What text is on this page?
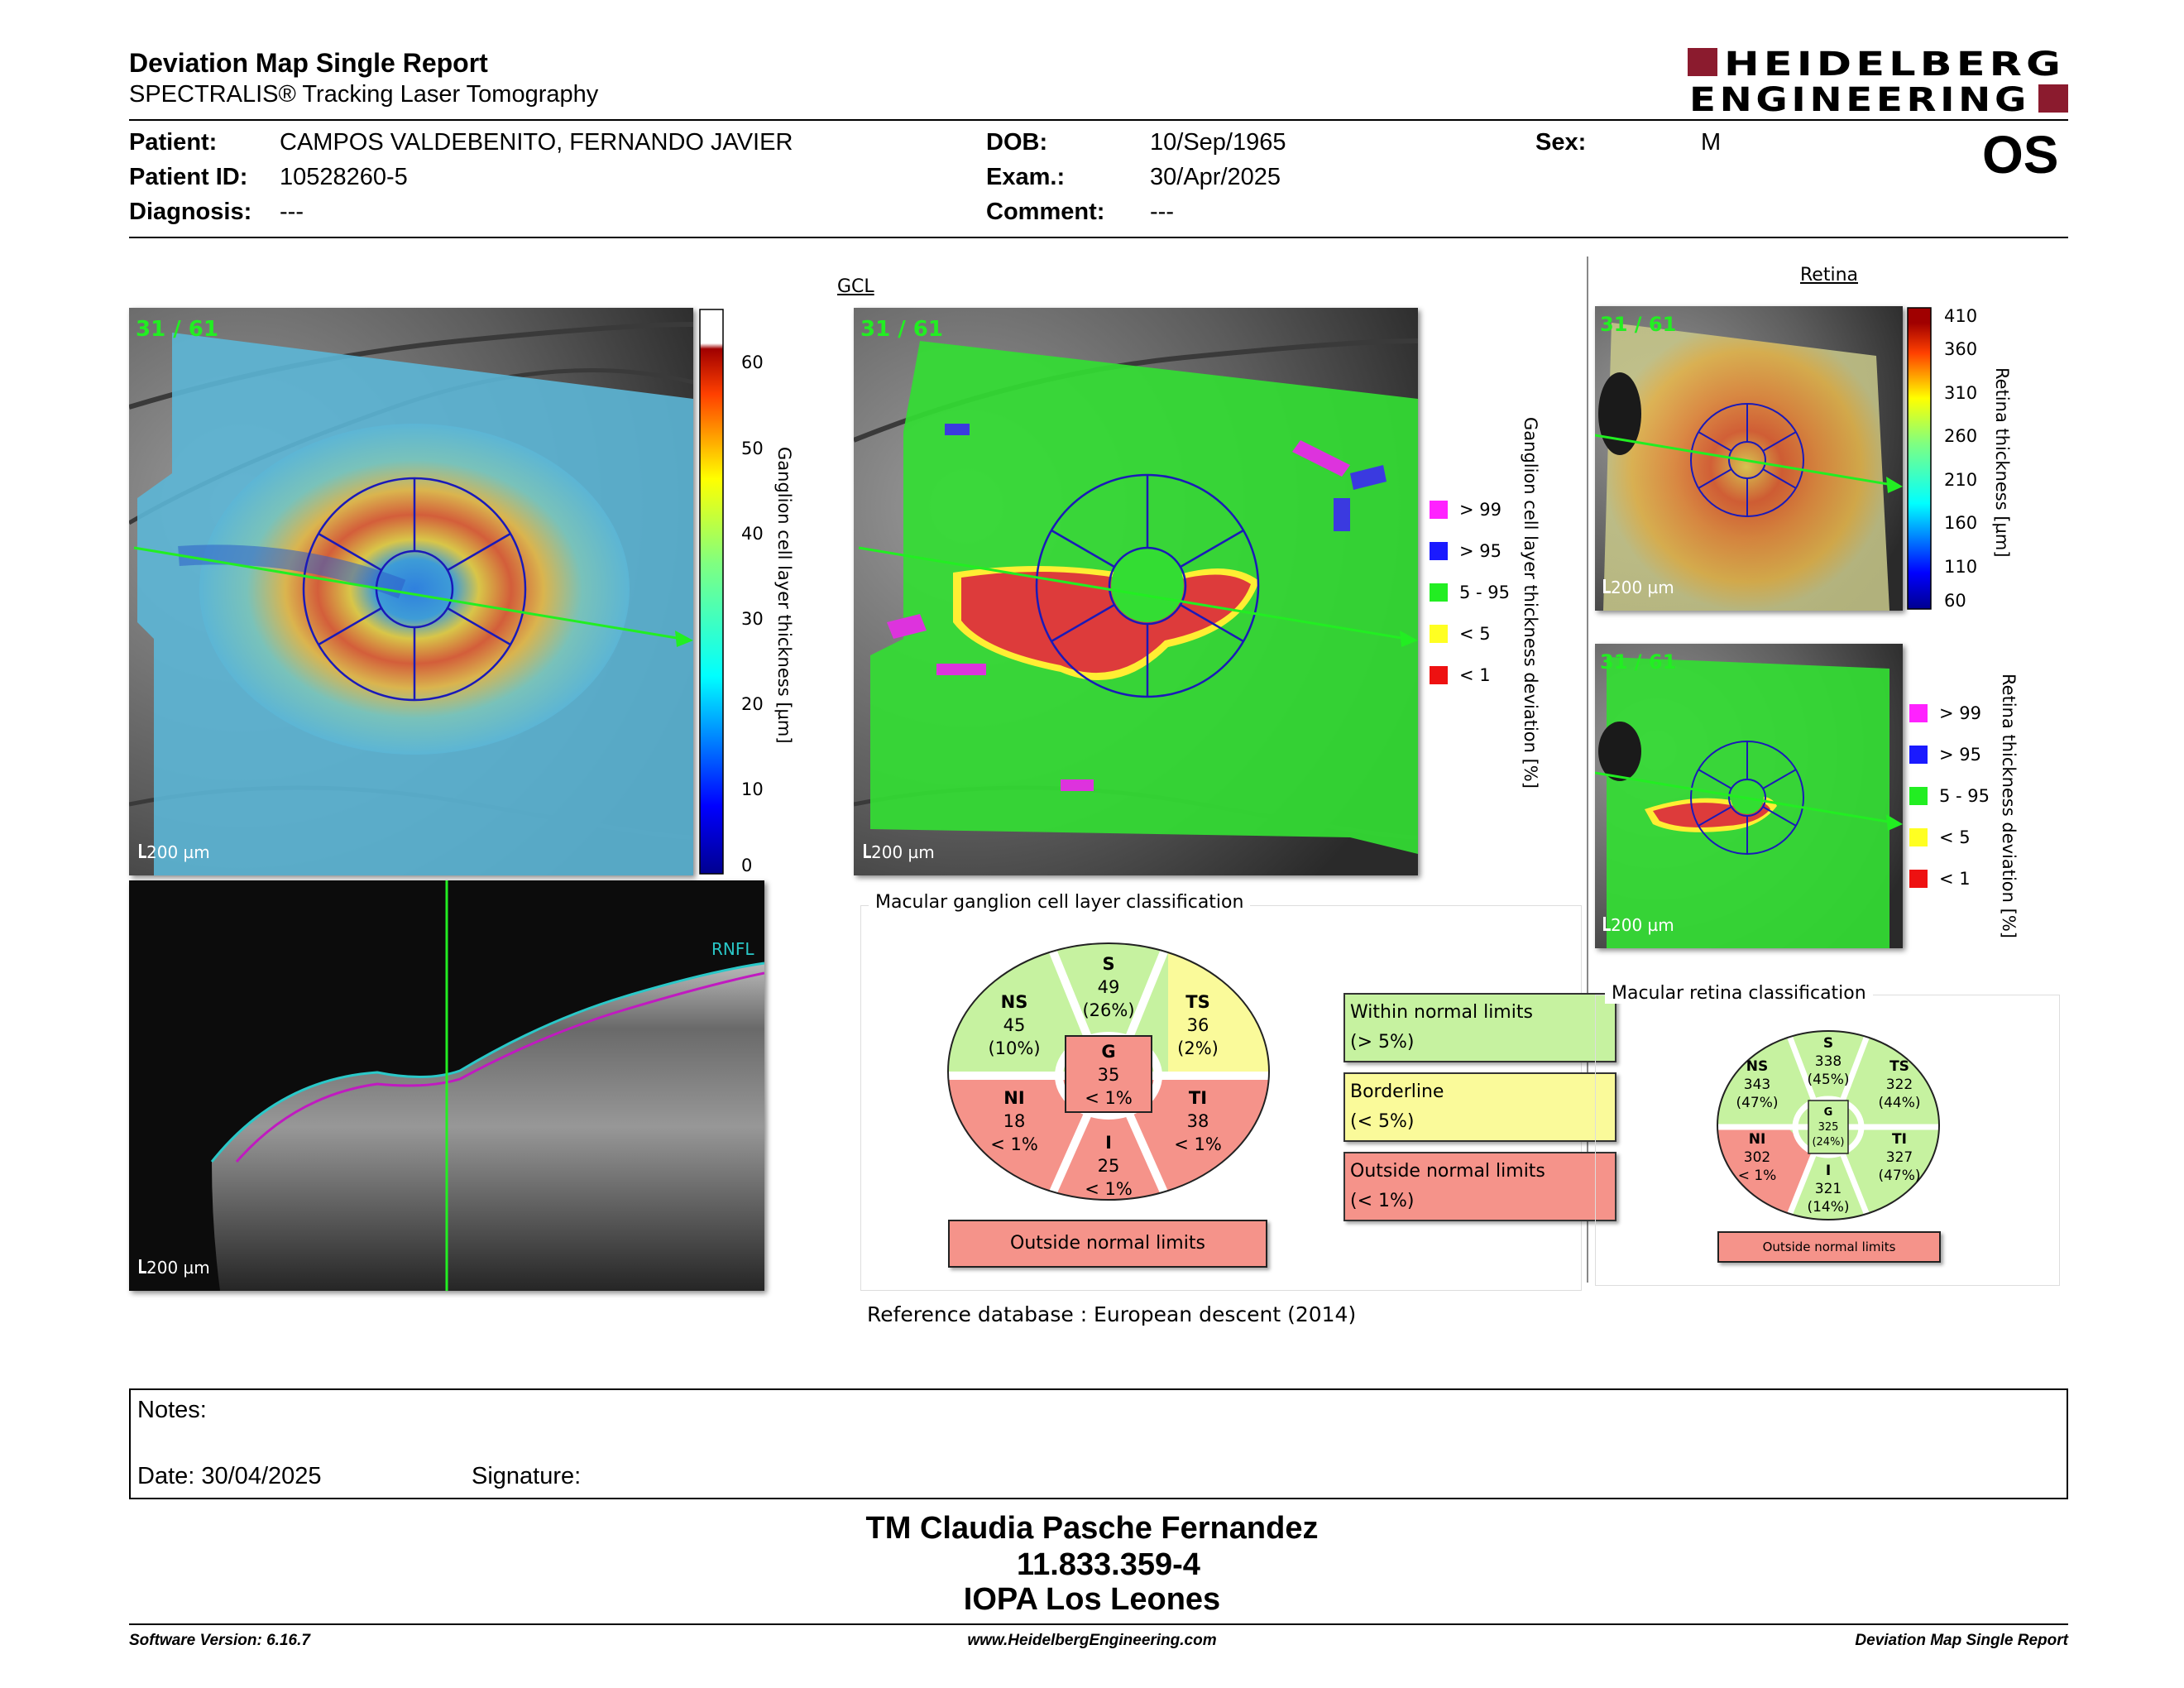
Deviation Map Single Report
SPECTRALIS® Tracking Laser Tomography
HEIDELBERG
ENGINEERING
Patient:	CAMPOS VALDEBENITO, FERNANDO JAVIER
Patient ID: 10528260-5
Diagnosis: ---
DOB:	10/Sep/1965
Exam.:	30/Apr/2025
Comment: ---
Sex:	M	OS
GCL
31 / 61
200 µm
60
50
40
30
20
10
0
Ganglion cell layer thickness [µm]
31 / 61
200 µm
> 99
> 95
5 - 95
< 5
< 1 Ganglion cell layer thickness deviation [%]
RNFL
200 µm
Retina
31 / 61
200 µm
410
360
310
260
210
160
110
60
Retina thickness [µm]
31 / 61
200 µm
> 99
> 95
5 - 95
< 5
< 1 Retina thickness deviation [%]
Macular ganglion cell layer classification
S
49
(26%)
NS
45
(10%)
TS
36
(2%)
G
35
< 1%
NI
18
< 1%
TI
38
< 1%
I
25
< 1%
Outside normal limits
Within normal limits
(> 5%)
Borderline
(< 5%)
Outside normal limits
(< 1%)
Macular retina classification
S
338
(45%)
NS
343
(47%)
TS
322
(44%)
G
325
(24%)
NI
302
< 1%
TI
327
(47%)
I
321
(14%)
Outside normal limits
Reference database : European descent (2014)
Notes:
Date: 30/04/2025	Signature:
TM Claudia Pasche Fernandez
11.833.359-4
IOPA Los Leones
Software Version: 6.16.7	www.HeidelbergEngineering.com	Deviation Map Single Report
